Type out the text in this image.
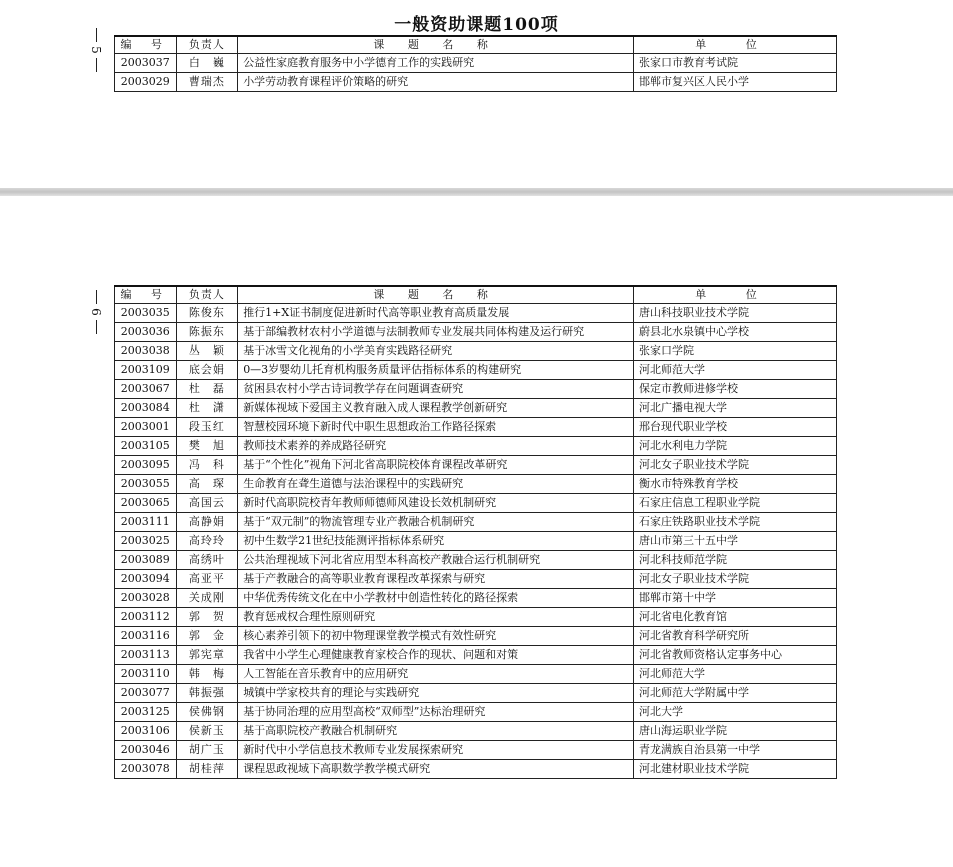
一般资助课题100项
5 编 号	负责人	课 题 名 称	单 位
2003037	白　巍	公益性家庭教育服务中小学德育工作的实践研究	张家口市教育考试院
2003029	曹瑞杰	小学劳动教育课程评价策略的研究	邯郸市复兴区人民小学
6
编 号	负责人	课 题 名 称	单 位
2003035	陈俊东	推行1+X证书制度促进新时代高等职业教育高质量发展	唐山科技职业技术学院
2003036	陈振东	基于部编教材农村小学道德与法制教师专业发展共同体构建及运行研究	蔚县北水泉镇中心学校
2003038	丛　颖	基于冰雪文化视角的小学美育实践路径研究	张家口学院
2003109	底会娟	0—3岁婴幼儿托育机构服务质量评估指标体系的构建研究	河北师范大学
2003067	杜　磊	贫困县农村小学古诗词教学存在问题调查研究	保定市教师进修学校
2003084	杜　潇	新媒体视域下爱国主义教育融入成人课程教学创新研究	河北广播电视大学
2003001	段玉红	智慧校园环境下新时代中职生思想政治工作路径探索	邢台现代职业学校
2003105	樊　旭	教师技术素养的养成路径研究	河北水利电力学院
2003095	冯　科	基于“个性化”视角下河北省高职院校体育课程改革研究	河北女子职业技术学院
2003055	高　琛	生命教育在聋生道德与法治课程中的实践研究	衡水市特殊教育学校
2003065	高国云	新时代高职院校青年教师师德师风建设长效机制研究	石家庄信息工程职业学院
2003111	高静娟	基于“双元制”的物流管理专业产教融合机制研究	石家庄铁路职业技术学院
2003025	高玲玲	初中生数学21世纪技能测评指标体系研究	唐山市第三十五中学
2003089	高绣叶	公共治理视域下河北省应用型本科高校产教融合运行机制研究	河北科技师范学院
2003094	高亚平	基于产教融合的高等职业教育课程改革探索与研究	河北女子职业技术学院
2003028	关成刚	中华优秀传统文化在中小学教材中创造性转化的路径探索	邯郸市第十中学
2003112	郭　贺	教育惩戒权合理性原则研究	河北省电化教育馆
2003116	郭　金	核心素养引领下的初中物理课堂教学模式有效性研究	河北省教育科学研究所
2003113	郭宪章	我省中小学生心理健康教育家校合作的现状、问题和对策	河北省教师资格认定事务中心
2003110	韩　梅	人工智能在音乐教育中的应用研究	河北师范大学
2003077	韩振强	城镇中学家校共育的理论与实践研究	河北师范大学附属中学
2003125	侯佛钢	基于协同治理的应用型高校“双师型”达标治理研究	河北大学
2003106	侯新玉	基于高职院校产教融合机制研究	唐山海运职业学院
2003046	胡广玉	新时代中小学信息技术教师专业发展探索研究	青龙满族自治县第一中学
2003078	胡桂萍	课程思政视域下高职数学教学模式研究	河北建材职业技术学院
